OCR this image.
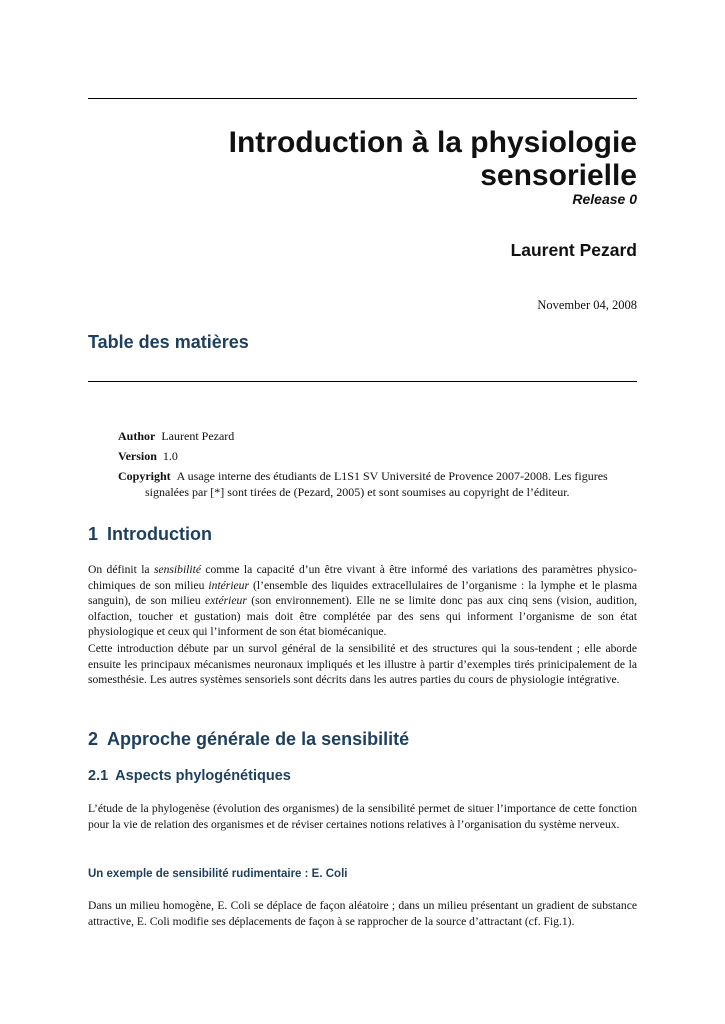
Introduction à la physiologie sensorielle
Release 0
Laurent Pezard
November 04, 2008
Table des matières
Author Laurent Pezard
Version 1.0
Copyright A usage interne des étudiants de L1S1 SV Université de Provence 2007-2008. Les figures signalées par [*] sont tirées de (Pezard, 2005) et sont soumises au copyright de l’éditeur.
1 Introduction

On définit la sensibilité comme la capacité d’un être vivant à être informé des variations des paramètres physico-chimiques de son milieu intérieur (l’ensemble des liquides extracellulaires de l’organisme : la lymphe et le plasma sanguin), de son milieu extérieur (son environnement). Elle ne se limite donc pas aux cinq sens (vision, audition, olfaction, toucher et gustation) mais doit être complétée par des sens qui informent l’organisme de son état physiologique et ceux qui l’informent de son état biomécanique.

Cette introduction débute par un survol général de la sensibilité et des structures qui la sous-tendent ; elle aborde ensuite les principaux mécanismes neuronaux impliqués et les illustre à partir d’exemples tirés prinicipalement de la somesthésie. Les autres systèmes sensoriels sont décrits dans les autres parties du cours de physiologie intégrative.

2 Approche générale de la sensibilité
2.1 Aspects phylogénétiques

L’étude de la phylogenèse (évolution des organismes) de la sensibilité permet de situer l’importance de cette fonction pour la vie de relation des organismes et de réviser certaines notions relatives à l’organisation du système nerveux.

Un exemple de sensibilité rudimentaire : E. Coli

Dans un milieu homogène, E. Coli se déplace de façon aléatoire ; dans un milieu présentant un gradient de substance attractive, E. Coli modifie ses déplacements de façon à se rapprocher de la source d’attractant (cf. Fig.1).
